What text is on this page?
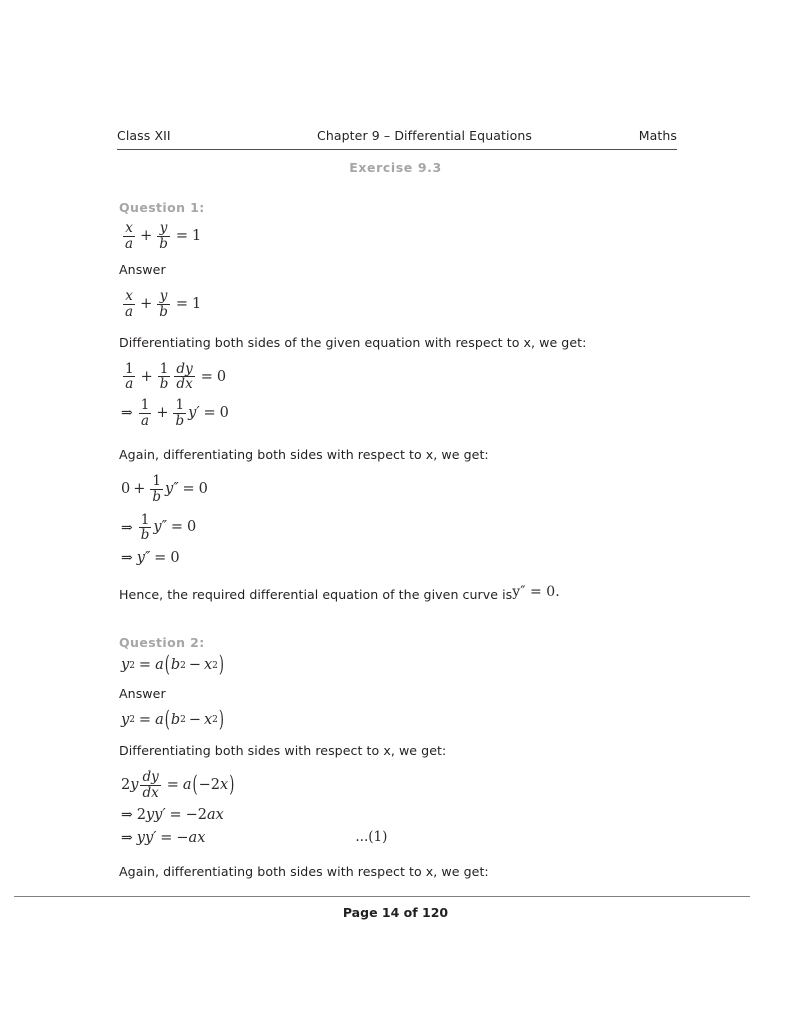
Class XII	Chapter 9 – Differential Equations	Maths
Exercise 9.3

Question 1:

$\frac{x}{a} + \frac{y}{b} = 1$

Answer

$\frac{x}{a} + \frac{y}{b} = 1$

Differentiating both sides of the given equation with respect to x, we get:

$\frac{1}{a} + \frac{1}{b} \frac{dy}{dx} = 0$
⇒ $\frac{1}{a} + \frac{1}{b}$ y ′ = 0

Again, differentiating both sides with respect to x, we get:

$0 + \frac{1}{b}$ y ″ = 0
⇒ $\frac{1}{b}$ y ″ = 0
⇒ y ″ = 0

Hence, the required differential equation of the given curve isy″ = 0.

Question 2:

y 2 = a ( b 2 − x 2 )

Answer

y 2 = a ( b 2 − x 2 )

Differentiating both sides with respect to x, we get:

2 y $\frac{dy}{dx} = a$ ( − 2 x )
⇒ 2 y y ′ = − 2 a x
⇒ y y ′ = − a x	...(1)

Again, differentiating both sides with respect to x, we get:

Page 14 of 120
